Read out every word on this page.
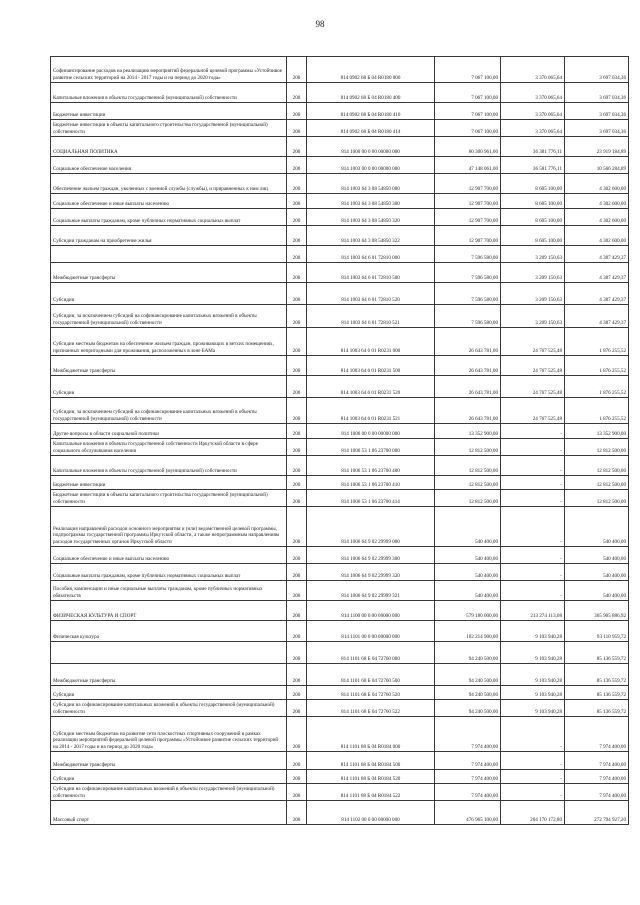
98
Софинансирование расходов на реализацию мероприятий федеральной целевой программы «Устойчивое развитие сельских территорий на 2014 - 2017 годы и на период до 2020 года»	200	814 0902 68 Б 04 R0180 000	7 067 100,00	3 370 065,64	3 697 034,36
Капитальные вложения в объекты государственной (муниципальной) собственности	200	814 0902 68 Б 04 R0180 400	7 067 100,00	3 370 065,64	3 697 034,36
Бюджетные инвестиции	200	814 0902 68 Б 04 R0180 410	7 067 100,00	3 370 065,64	3 697 034,36
Бюджетные инвестиции в объекты капитального строительства государственной (муниципальной) собственности	200	814 0902 68 Б 04 R0180 414	7 067 100,00	3 370 065,64	3 697 034,36
СОЦИАЛЬНАЯ ПОЛИТИКА	200	814 1000 00 0 00 00000 000	60 300 961,00	36 381 776,11	23 919 184,89
Социальное обеспечение населения	200	814 1003 00 0 00 00000 000	47 148 061,00	36 581 776,11	10 566 284,89
Обеспечение жильем граждан, уволенных с военной службы (службы), и приравненных к ним лиц	200	814 1003 64 3 08 54850 000	12 907 700,00	8 605 100,00	4 302 600,00
Социальное обеспечение и иные выплаты населению	200	814 1003 64 3 08 54850 300	12 907 700,00	8 605 100,00	4 302 600,00
Социальные выплаты гражданам, кроме публичных нормативных социальных выплат	200	814 1003 64 3 08 54850 320	12 907 700,00	8 605 100,00	4 302 600,00
Субсидии гражданам на приобретение жилья	200	814 1003 64 3 08 54850 322	12 907 700,00	8 605 100,00	4 302 600,00
	200	814 1003 64 6 01 72810 000	7 596 580,00	3 209 150,63	4 387 429,37
Межбюджетные трансферты	200	814 1003 64 6 01 72810 500	7 596 580,00	3 209 150,63	4 387 429,37
Субсидии	200	814 1003 64 6 01 72810 520	7 596 580,00	3 209 150,63	4 387 429,37
Субсидии, за исключением субсидий на софинансирование капитальных вложений в объекты государственной (муниципальной) собственности	200	814 1003 64 6 01 72810 521	7 596 580,00	3 209 150,63	4 387 429,37
Субсидии местным бюджетам на обеспечение жильем граждан, проживающих в ветхих помещениях, признанных непригодными для проживания, расположенных в зоне БАМа	200	814 1003 64 6 01 R0231 000	26 643 781,00	24 767 525,48	1 876 255,52
Межбюджетные трансферты	200	814 1003 64 6 01 R0231 500	26 643 781,00	24 767 525,48	1 876 255,52
Субсидии	200	814 1003 64 6 01 R0231 520	26 643 781,00	24 767 525,48	1 876 255,52
Субсидии, за исключением субсидий на софинансирование капитальных вложений в объекты государственной (муниципальной) собственности	200	814 1003 64 6 01 R0231 521	26 643 781,00	24 767 525,48	1 876 255,52
Другие вопросы в области социальной политики	200	814 1006 00 0 00 00000 000	13 352 900,00	-	13 352 900,00
Капитальные вложения в объекты государственной собственности Иркутской области в сфере социального обслуживания населения	200	814 1006 53 1 06 23700 000	12 812 500,00	-	12 812 500,00
Капитальные вложения в объекты государственной (муниципальной) собственности	200	814 1006 53 1 06 23700 400	12 812 500,00	-	12 812 500,00
Бюджетные инвестиции	200	814 1006 53 1 06 23700 410	12 812 500,00	-	12 812 500,00
Бюджетные инвестиции в объекты капитального строительства государственной (муниципальной) собственности	200	814 1006 53 1 06 23700 414	12 812 500,00	-	12 812 500,00
Реализация направлений расходов основного мероприятия и (или) ведомственной целевой программы, подпрограммы государственной программы Иркутской области, а также непрограммным направлениям расходов государственных органов Иркутской области	200	814 1006 64 9 02 29999 000	540 400,00	-	540 400,00
Социальное обеспечение и иные выплаты населению	200	814 1006 64 9 02 29999 300	540 400,00	-	540 400,00
Социальные выплаты гражданам, кроме публичных нормативных социальных выплат	200	814 1006 64 9 02 29999 320	540 400,00	-	540 400,00
Пособия, компенсации и иные социальные выплаты гражданам, кроме публичных нормативных обязательств	200	814 1006 64 9 02 29999 321	540 400,00	-	540 400,00
ФИЗИЧЕСКАЯ КУЛЬТУРА И СПОРТ	200	814 1100 00 0 00 00000 000	579 180 000,00	213 274 113,08	365 905 886,92
Физическая культура	200	814 1101 00 0 00 00000 000	102 214 900,00	9 103 940,28	93 110 959,72
	200	814 1101 68 Б 04 72760 000	94 240 500,00	9 103 940,28	85 136 559,72
Межбюджетные трансферты	200	814 1101 68 Б 04 72760 500	94 240 500,00	9 103 940,28	85 136 559,72
Субсидии	200	814 1101 68 Б 04 72760 520	94 240 500,00	9 103 940,28	85 136 559,72
Субсидии на софинансирование капитальных вложений в объекты государственной (муниципальной) собственности	200	814 1101 68 Б 04 72760 522	94 240 500,00	9 103 940,28	85 136 559,72
Субсидии местным бюджетам на развитие сети плоскостных спортивных сооружений в рамках реализации мероприятий федеральной целевой программы «Устойчивое развитие сельских территорий на 2014 - 2017 годы и на период до 2020 года»	200	814 1101 68 Б 04 R0184 000	7 974 400,00	-	7 974 400,00
Межбюджетные трансферты	200	814 1101 68 Б 04 R0184 500	7 974 400,00	-	7 974 400,00
Субсидии	200	814 1101 68 Б 04 R0184 520	7 974 400,00	-	7 974 400,00
Субсидии на софинансирование капитальных вложений в объекты государственной (муниципальной) собственности	200	814 1101 68 Б 04 R0184 522	7 974 400,00	-	7 974 400,00
Массовый спорт	200	814 1102 00 0 00 00000 000	476 965 100,00	204 170 172,80	272 794 927,20
